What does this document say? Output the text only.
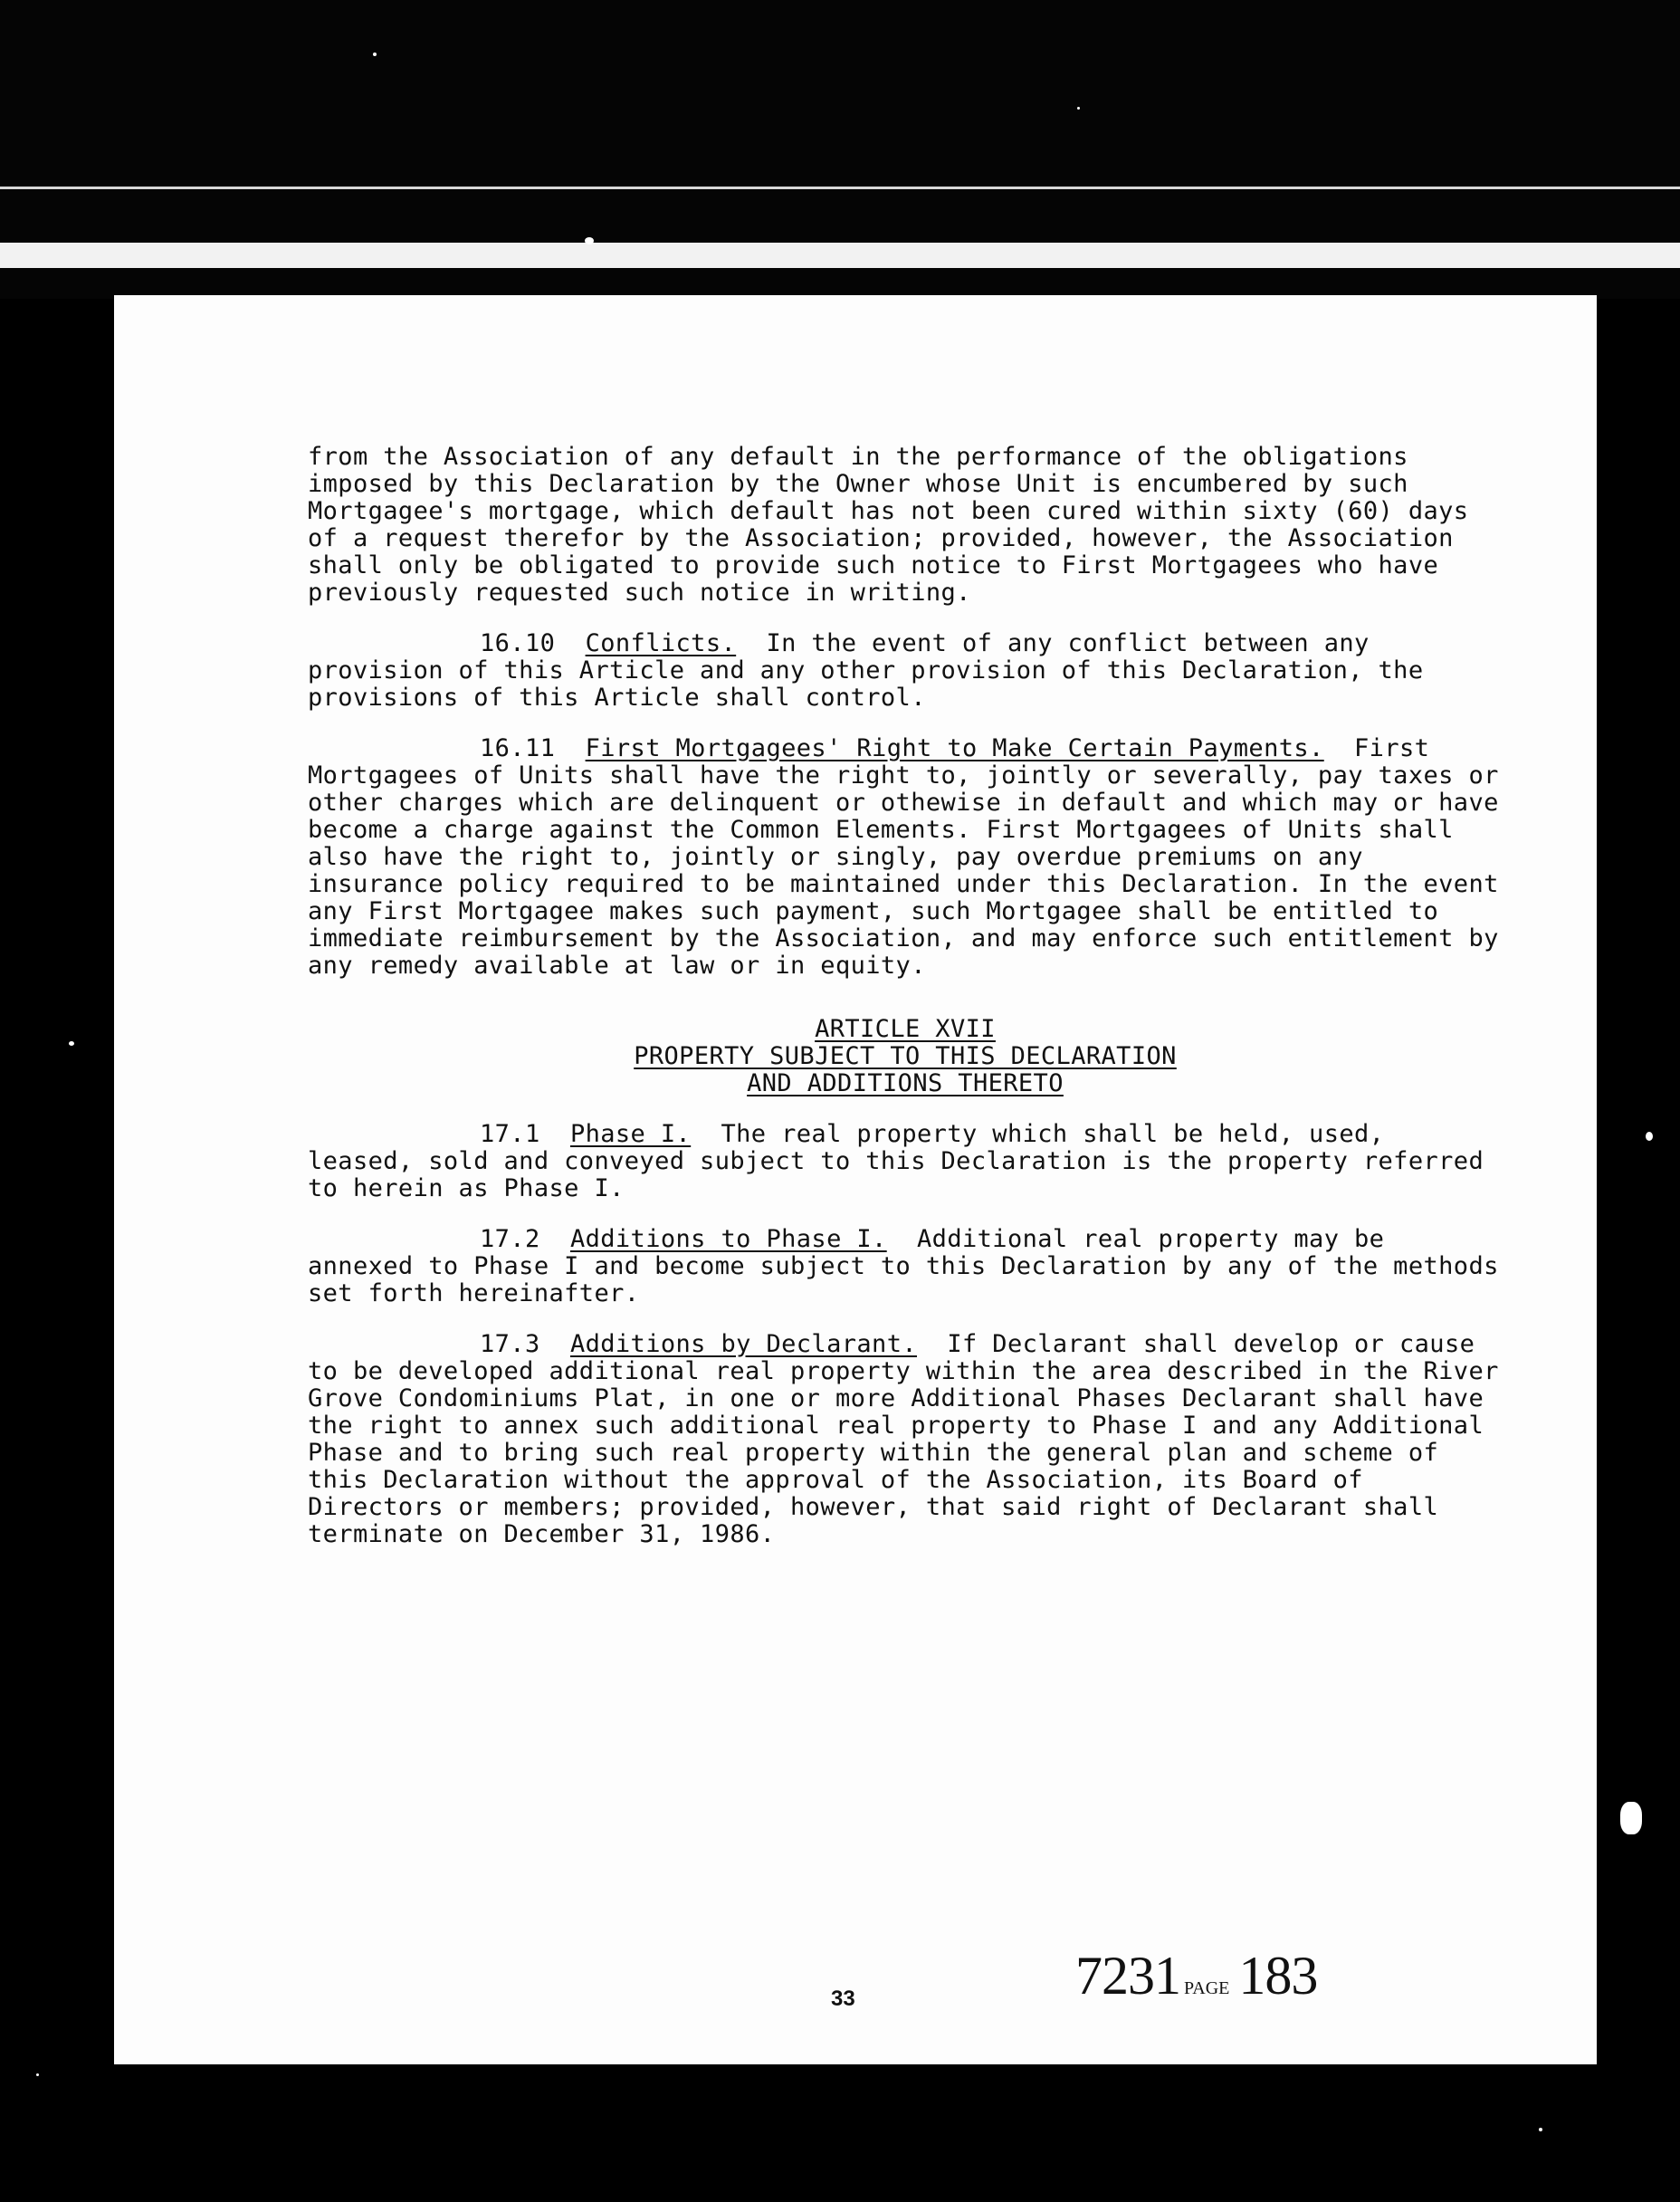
from the Association of any default in the performance of the obligations imposed by this Declaration by the Owner whose Unit is encumbered by such Mortgagee's mortgage, which default has not been cured within sixty (60) days of a request therefor by the Association; provided, however, the Association shall only be obligated to provide such notice to First Mortgagees who have previously requested such notice in writing.

16.10 Conflicts. In the event of any conflict between any provision of this Article and any other provision of this Declaration, the provisions of this Article shall control.

16.11 First Mortgagees' Right to Make Certain Payments. First Mortgagees of Units shall have the right to, jointly or severally, pay taxes or other charges which are delinquent or othewise in default and which may or have become a charge against the Common Elements. First Mortgagees of Units shall also have the right to, jointly or singly, pay overdue premiums on any insurance policy required to be maintained under this Declaration. In the event any First Mortgagee makes such payment, such Mortgagee shall be entitled to immediate reimbursement by the Association, and may enforce such entitlement by any remedy available at law or in equity.

ARTICLE XVII
PROPERTY SUBJECT TO THIS DECLARATION
AND ADDITIONS THERETO

17.1 Phase I. The real property which shall be held, used, leased, sold and conveyed subject to this Declaration is the property referred to herein as Phase I.

17.2 Additions to Phase I. Additional real property may be annexed to Phase I and become subject to this Declaration by any of the methods set forth hereinafter.

17.3 Additions by Declarant. If Declarant shall develop or cause to be developed additional real property within the area described in the River Grove Condominiums Plat, in one or more Additional Phases Declarant shall have the right to annex such additional real property to Phase I and any Additional Phase and to bring such real property within the general plan and scheme of this Declaration without the approval of the Association, its Board of Directors or members; provided, however, that said right of Declarant shall terminate on December 31, 1986.

33	7231 PAGE 183
